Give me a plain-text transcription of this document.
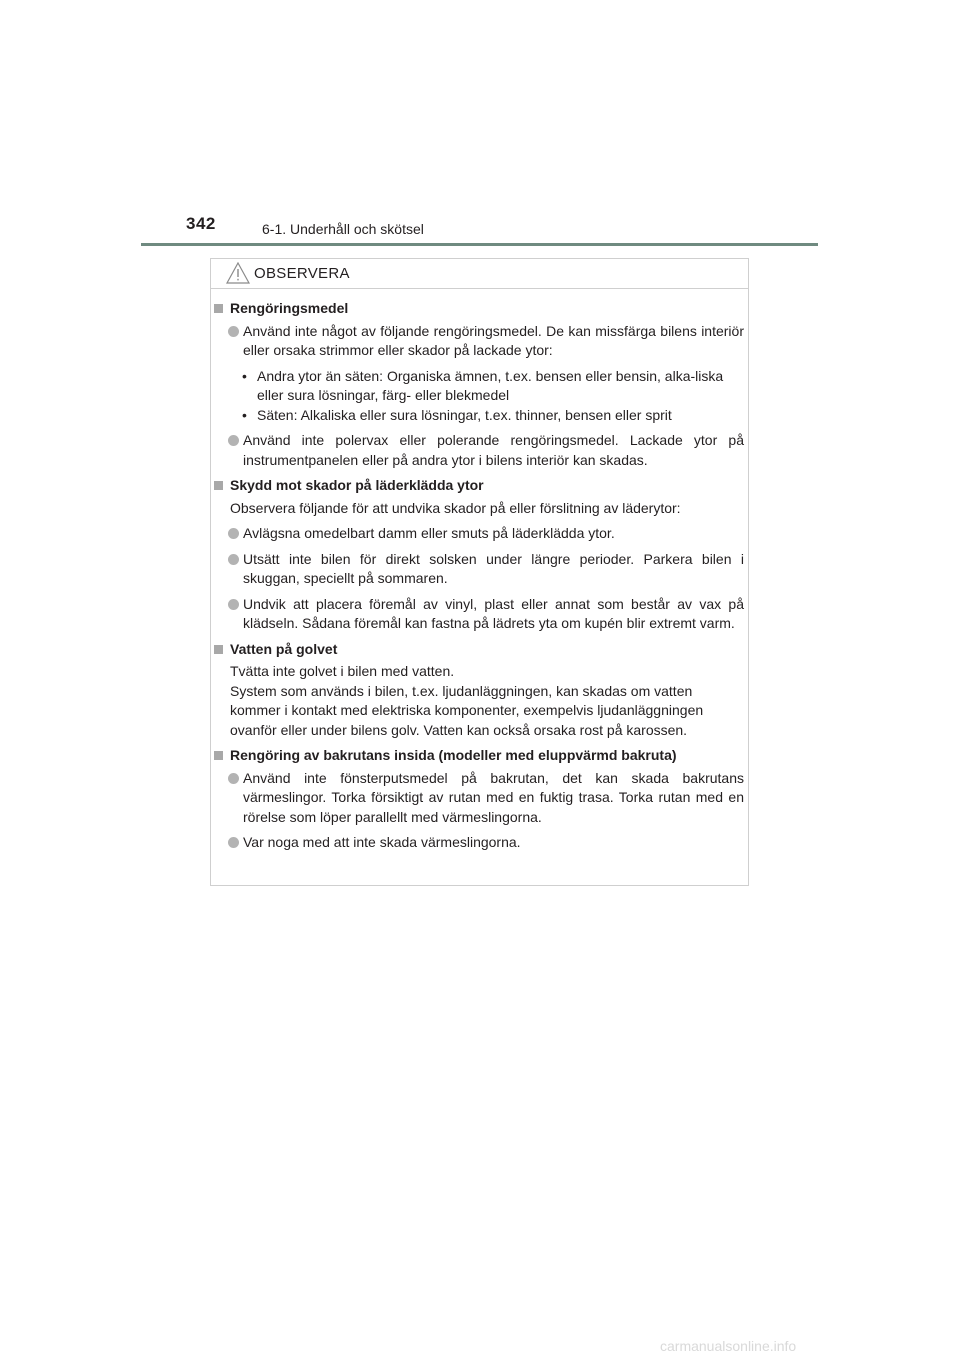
342	6-1. Underhåll och skötsel
OBSERVERA
Rengöringsmedel
Använd inte något av följande rengöringsmedel. De kan missfärga bilens interiör eller orsaka strimmor eller skador på lackade ytor:
• Andra ytor än säten: Organiska ämnen, t.ex. bensen eller bensin, alka-liska eller sura lösningar, färg- eller blekmedel
• Säten: Alkaliska eller sura lösningar, t.ex. thinner, bensen eller sprit
Använd inte polervax eller polerande rengöringsmedel. Lackade ytor på instrumentpanelen eller på andra ytor i bilens interiör kan skadas.
Skydd mot skador på läderklädda ytor
Observera följande för att undvika skador på eller förslitning av läderytor:
Avlägsna omedelbart damm eller smuts på läderklädda ytor.
Utsätt inte bilen för direkt solsken under längre perioder. Parkera bilen i skuggan, speciellt på sommaren.
Undvik att placera föremål av vinyl, plast eller annat som består av vax på klädseln. Sådana föremål kan fastna på lädrets yta om kupén blir extremt varm.
Vatten på golvet
Tvätta inte golvet i bilen med vatten.
System som används i bilen, t.ex. ljudanläggningen, kan skadas om vatten kommer i kontakt med elektriska komponenter, exempelvis ljudanläggningen ovanför eller under bilens golv. Vatten kan också orsaka rost på karossen.
Rengöring av bakrutans insida (modeller med eluppvärmd bakruta)
Använd inte fönsterputsmedel på bakrutan, det kan skada bakrutans värmeslingor. Torka försiktigt av rutan med en fuktig trasa. Torka rutan med en rörelse som löper parallellt med värmeslingorna.
Var noga med att inte skada värmeslingorna.
carmanualsonline.info
